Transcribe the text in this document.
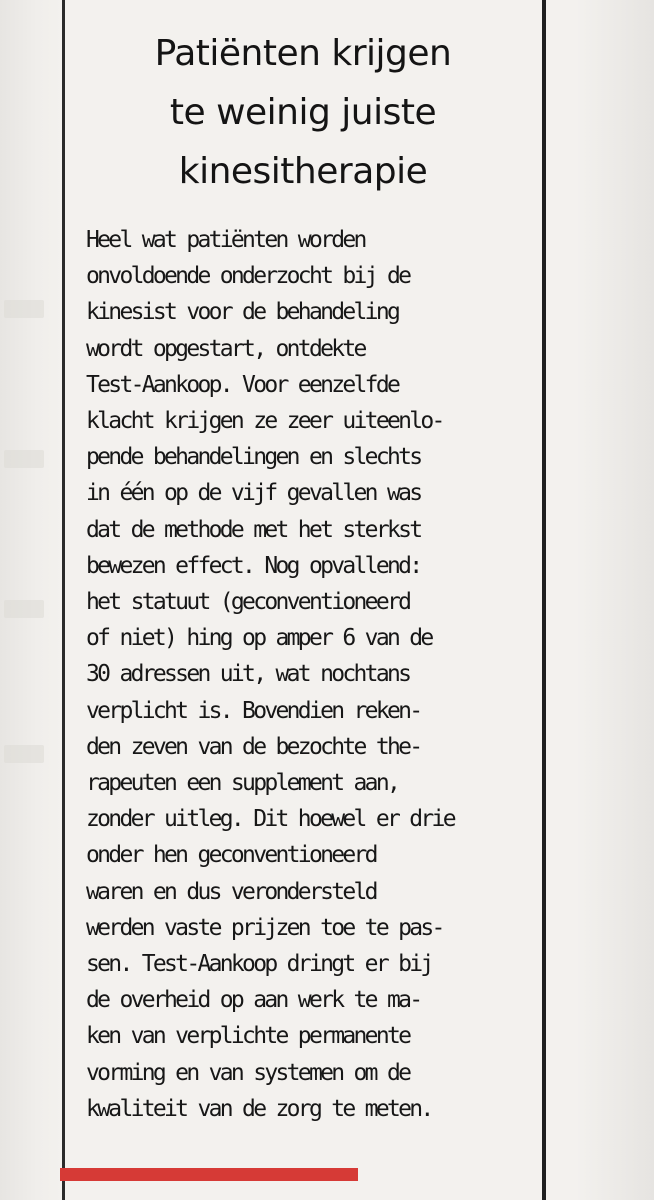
Patiënten krijgen
te weinig juiste
kinesitherapie

Heel wat patiënten worden
onvoldoende onderzocht bij de
kinesist voor de behandeling
wordt opgestart, ontdekte
Test-Aankoop. Voor eenzelfde
klacht krijgen ze zeer uiteenlo-
pende behandelingen en slechts
in één op de vijf gevallen was
dat de methode met het sterkst
bewezen effect. Nog opvallend:
het statuut (geconventioneerd
of niet) hing op amper 6 van de
30 adressen uit, wat nochtans
verplicht is. Bovendien reken-
den zeven van de bezochte the-
rapeuten een supplement aan,
zonder uitleg. Dit hoewel er drie
onder hen geconventioneerd
waren en dus verondersteld
werden vaste prijzen toe te pas-
sen. Test-Aankoop dringt er bij
de overheid op aan werk te ma-
ken van verplichte permanente
vorming en van systemen om de
kwaliteit van de zorg te meten.
